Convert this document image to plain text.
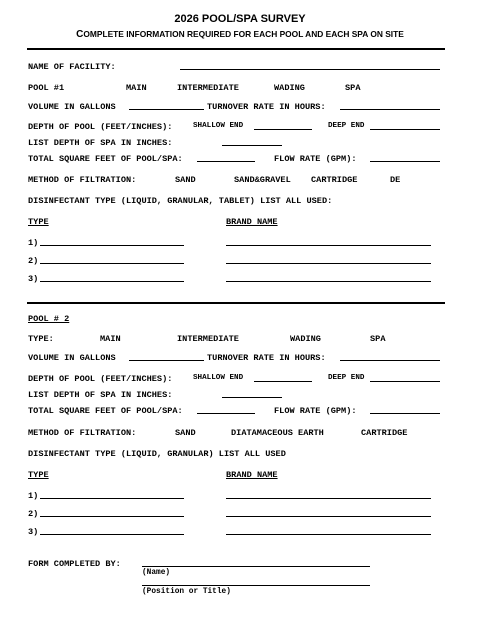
2026 POOL/SPA SURVEY
COMPLETE INFORMATION REQUIRED FOR EACH POOL AND EACH SPA ON SITE
NAME OF FACILITY:
POOL #1	MAIN	INTERMEDIATE	WADING	SPA
VOLUME IN GALLONS	TURNOVER RATE IN HOURS:
DEPTH OF POOL (FEET/INCHES):	SHALLOW END	DEEP END
LIST DEPTH OF SPA IN INCHES:
TOTAL SQUARE FEET OF POOL/SPA:	FLOW RATE (GPM):
METHOD OF FILTRATION:	SAND	SAND&GRAVEL CARTRIDGE	DE
DISINFECTANT TYPE (LIQUID, GRANULAR, TABLET) LIST ALL USED:
TYPE	BRAND NAME
1)
2)
3)
POOL # 2
TYPE:	MAIN	INTERMEDIATE	WADING	SPA
VOLUME IN GALLONS	TURNOVER RATE IN HOURS:
DEPTH OF POOL (FEET/INCHES):	SHALLOW END	DEEP END
LIST DEPTH OF SPA IN INCHES:
TOTAL SQUARE FEET OF POOL/SPA:	FLOW RATE (GPM):
METHOD OF FILTRATION:	SAND	DIATAMACEOUS EARTH	CARTRIDGE
DISINFECTANT TYPE (LIQUID, GRANULAR) LIST ALL USED
TYPE	BRAND NAME
1)
2)
3)
FORM COMPLETED BY:
(Name)
(Position or Title)
